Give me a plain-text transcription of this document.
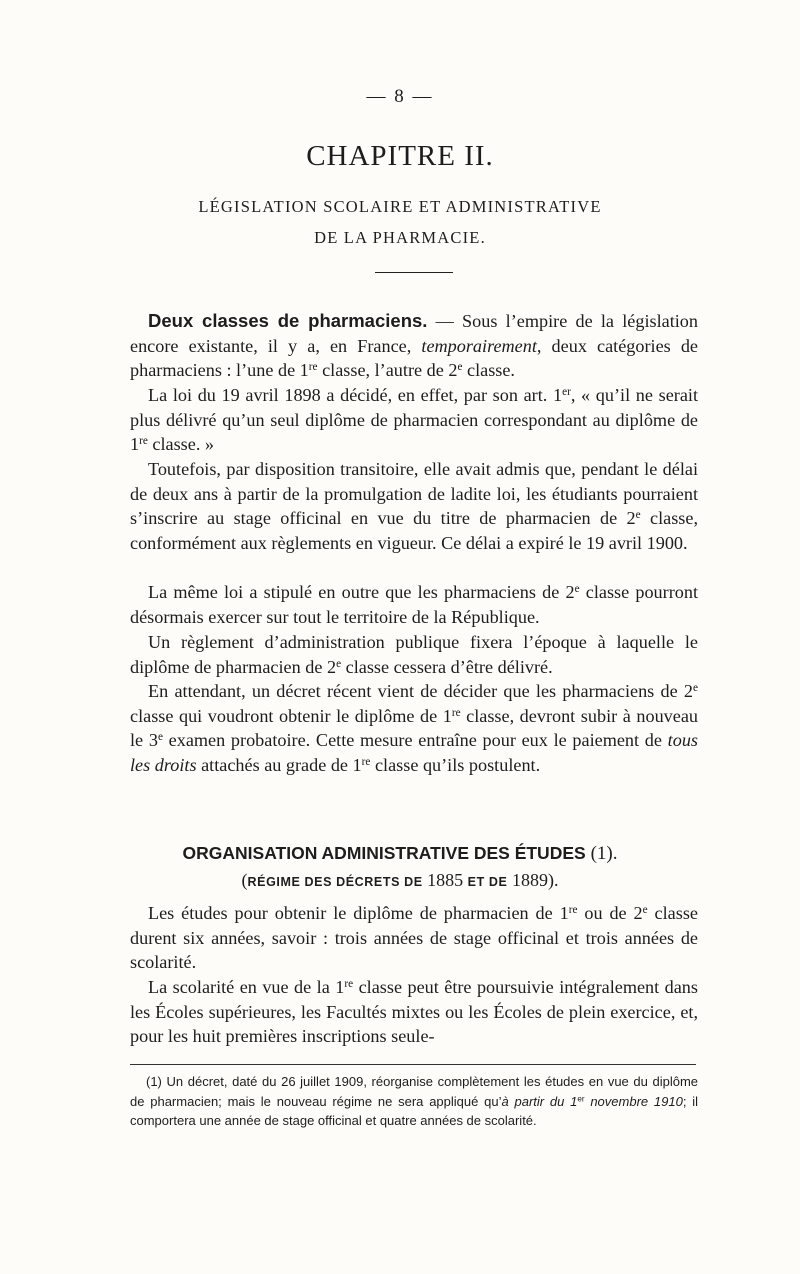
— 8 —
CHAPITRE II.
LÉGISLATION SCOLAIRE ET ADMINISTRATIVE
DE LA PHARMACIE.

Deux classes de pharmaciens. — Sous l’empire de la législation encore existante, il y a, en France, temporairement, deux catégories de pharmaciens : l’une de 1re classe, l’autre de 2e classe.

La loi du 19 avril 1898 a décidé, en effet, par son art. 1er, « qu’il ne serait plus délivré qu’un seul diplôme de pharmacien correspondant au diplôme de 1re classe. »

Toutefois, par disposition transitoire, elle avait admis que, pendant le délai de deux ans à partir de la promulgation de ladite loi, les étudiants pourraient s’inscrire au stage officinal en vue du titre de pharmacien de 2e classe, conformément aux règlements en vigueur. Ce délai a expiré le 19 avril 1900.

La même loi a stipulé en outre que les pharmaciens de 2e classe pourront désormais exercer sur tout le territoire de la République.

Un règlement d’administration publique fixera l’époque à laquelle le diplôme de pharmacien de 2e classe cessera d’être délivré.

En attendant, un décret récent vient de décider que les pharmaciens de 2e classe qui voudront obtenir le diplôme de 1re classe, devront subir à nouveau le 3e examen probatoire. Cette mesure entraîne pour eux le paiement de tous les droits attachés au grade de 1re classe qu’ils postulent.

ORGANISATION ADMINISTRATIVE DES ÉTUDES (1).
(RÉGIME DES DÉCRETS DE 1885 ET DE 1889).

Les études pour obtenir le diplôme de pharmacien de 1re ou de 2e classe durent six années, savoir : trois années de stage officinal et trois années de scolarité.

La scolarité en vue de la 1re classe peut être poursuivie intégralement dans les Écoles supérieures, les Facultés mixtes ou les Écoles de plein exercice, et, pour les huit premières inscriptions seule-

(1) Un décret, daté du 26 juillet 1909, réorganise complètement les études en vue du diplôme de pharmacien; mais le nouveau régime ne sera appliqué qu’à partir du 1er novembre 1910; il comportera une année de stage officinal et quatre années de scolarité.
